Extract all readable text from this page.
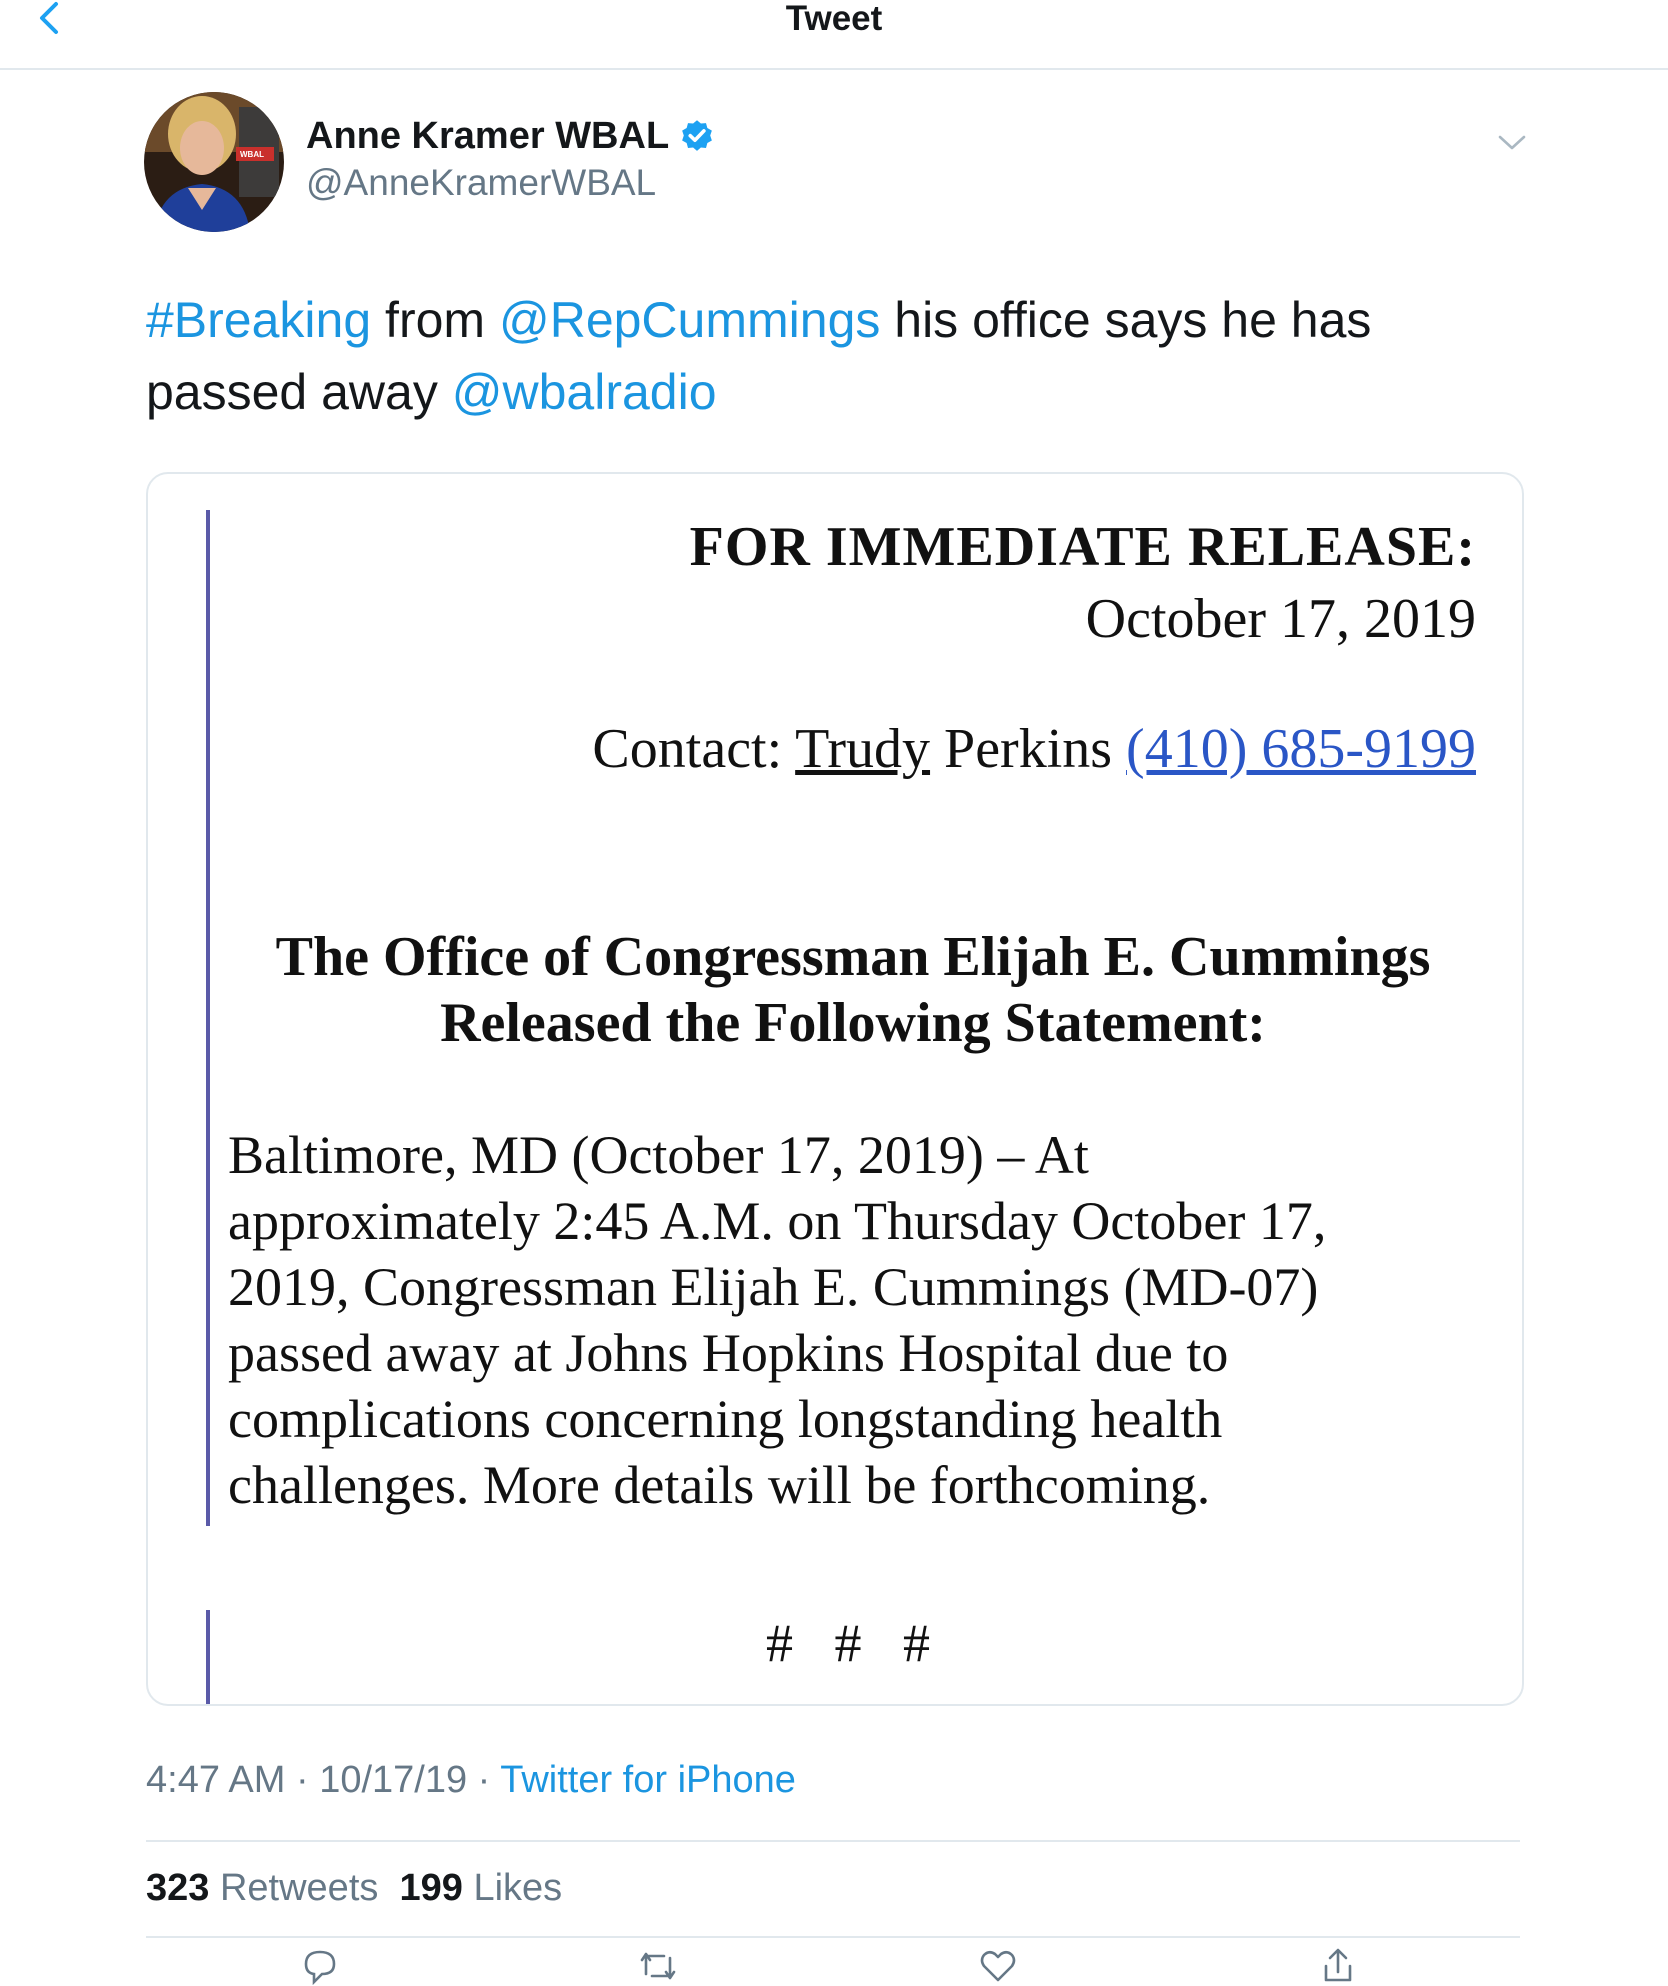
Tweet
WBAL Anne Kramer WBAL
@AnneKramerWBAL
#Breaking from @RepCummings his office says he has passed away @wbalradio
FOR IMMEDIATE RELEASE:
October 17, 2019
Contact: Trudy Perkins (410) 685-9199
The Office of Congressman Elijah E. Cummings
Released the Following Statement:
Baltimore, MD (October 17, 2019) – At
approximately 2:45 A.M. on Thursday October 17,
2019, Congressman Elijah E. Cummings (MD-07)
passed away at Johns Hopkins Hospital due to
complications concerning longstanding health
challenges. More details will be forthcoming.
# # #
4:47 AM · 10/17/19 · Twitter for iPhone
323 Retweets 199 Likes
